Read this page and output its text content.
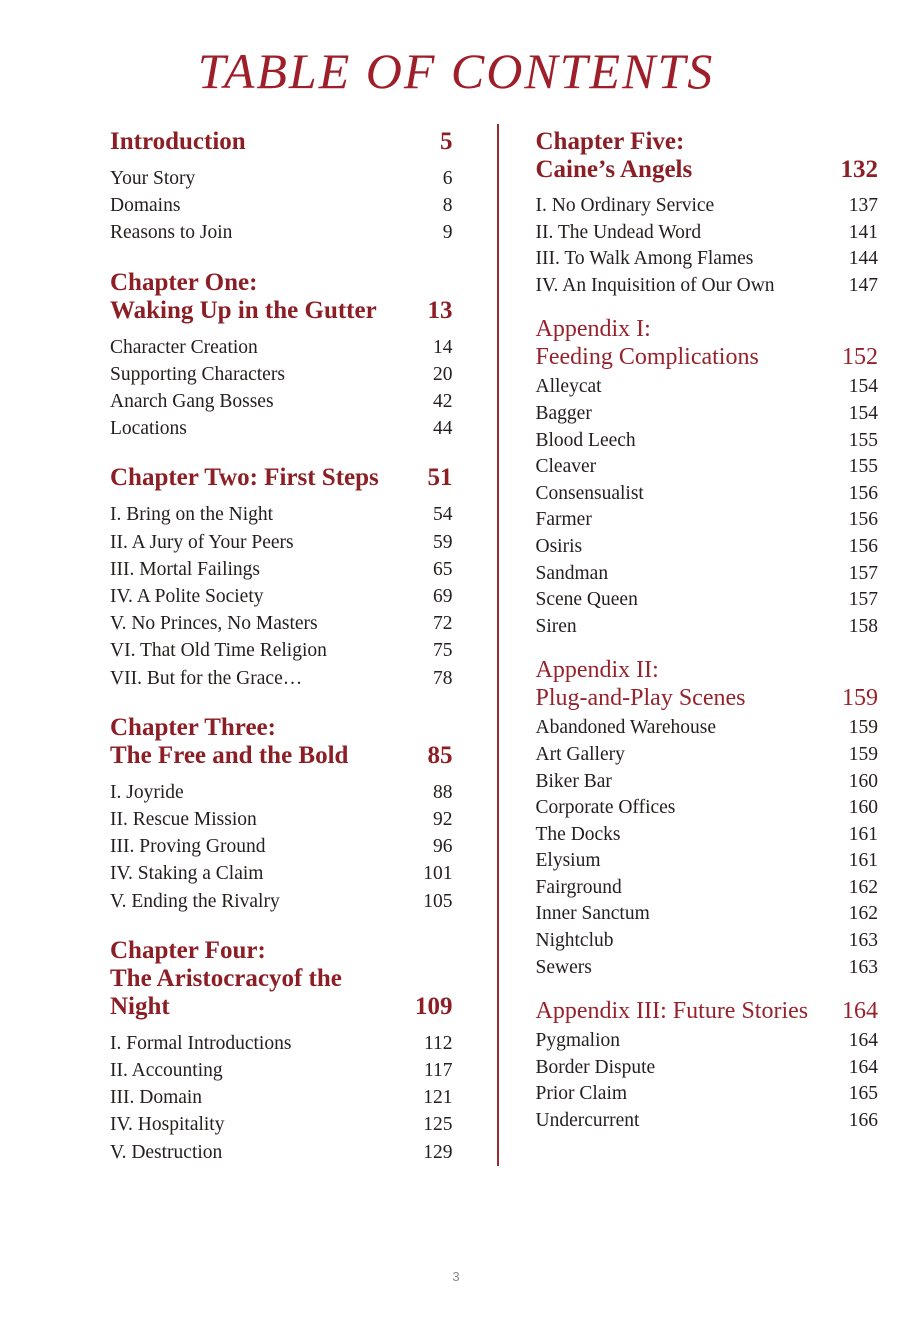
TABLE OF CONTENTS
Introduction	5
Your Story	6
Domains	8
Reasons to Join	9
Chapter One:
Waking Up in the Gutter	13
Character Creation	14
Supporting Characters	20
Anarch Gang Bosses	42
Locations	44
Chapter Two: First Steps	51
I. Bring on the Night	54
II. A Jury of Your Peers	59
III. Mortal Failings	65
IV. A Polite Society	69
V. No Princes, No Masters	72
VI. That Old Time Religion	75
VII. But for the Grace…	78
Chapter Three:
The Free and the Bold	85
I. Joyride	88
II. Rescue Mission	92
III. Proving Ground	96
IV. Staking a Claim	101
V. Ending the Rivalry	105
Chapter Four:
The Aristocracyof the Night	109
I. Formal Introductions	112
II. Accounting	117
III. Domain	121
IV. Hospitality	125
V. Destruction	129
Chapter Five:
Caine’s Angels	132
I. No Ordinary Service	137
II. The Undead Word	141
III. To Walk Among Flames	144
IV. An Inquisition of Our Own	147
Appendix I:
Feeding Complications	152
Alleycat	154
Bagger	154
Blood Leech	155
Cleaver	155
Consensualist	156
Farmer	156
Osiris	156
Sandman	157
Scene Queen	157
Siren	158
Appendix II:
Plug-and-Play Scenes	159
Abandoned Warehouse	159
Art Gallery	159
Biker Bar	160
Corporate Offices	160
The Docks	161
Elysium	161
Fairground	162
Inner Sanctum	162
Nightclub	163
Sewers	163
Appendix III: Future Stories	164
Pygmalion	164
Border Dispute	164
Prior Claim	165
Undercurrent	166
3
